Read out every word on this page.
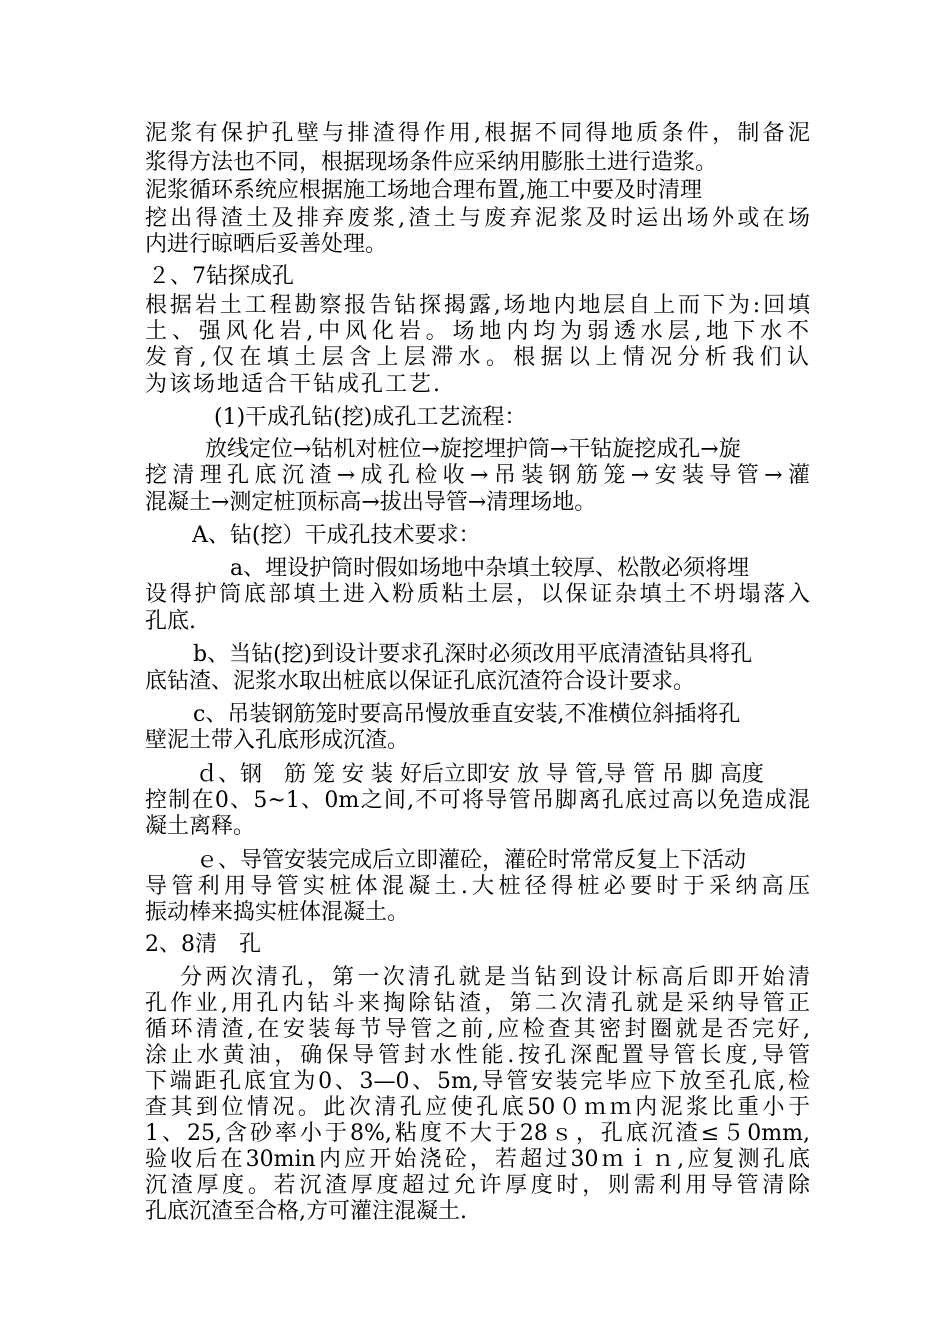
泥浆有保护孔壁与排渣得作用,根据不同得地质条件，制备泥
浆得方法也不同，根据现场条件应采纳用膨胀土进行造浆。
泥浆循环系统应根据施工场地合理布置,施工中要及时清理
挖出得渣土及排弃废浆,渣土与废弃泥浆及时运出场外或在场
内进行晾晒后妥善处理。
２、7钻探成孔
根据岩土工程勘察报告钻探揭露,场地内地层自上而下为:回填
土、强风化岩,中风化岩。场地内均为弱透水层,地下水不
发育,仅在填土层含上层滞水。根据以上情况分析我们认
为该场地适合干钻成孔工艺.
(1)干成孔钻(挖)成孔工艺流程：
放线定位→钻机对桩位→旋挖埋护筒→干钻旋挖成孔→旋
挖清理孔底沉渣→成孔检收→吊装钢筋笼→安装导管→灌
混凝土→测定桩顶标高→拔出导管→清理场地。
A、钻(挖）干成孔技术要求：
a、埋设护筒时假如场地中杂填土较厚、松散必须将埋
设得护筒底部填土进入粉质粘土层，以保证杂填土不坍塌落入
孔底.
b、当钻(挖)到设计要求孔深时必须改用平底清渣钻具将孔
底钻渣、泥浆水取出桩底以保证孔底沉渣符合设计要求。
c、吊装钢筋笼时要高吊慢放垂直安装,不准横位斜插将孔
壁泥土带入孔底形成沉渣。
ｄ、钢　筋 笼 安 装 好后立即安 放 导 管,导 管 吊 脚 高度
控制在0、5~1、0m之间,不可将导管吊脚离孔底过高以免造成混
凝土离释。
ｅ、导管安装完成后立即灌砼，灌砼时常常反复上下活动
导管利用导管实桩体混凝土.大桩径得桩必要时于采纳高压
振动棒来捣实桩体混凝土。
2、8清　孔
分两次清孔，第一次清孔就是当钻到设计标高后即开始清
孔作业,用孔内钻斗来掏除钻渣，第二次清孔就是采纳导管正
循环清渣,在安装每节导管之前,应检查其密封圈就是否完好,
涂止水黄油，确保导管封水性能.按孔深配置导管长度,导管
下端距孔底宜为0、3—0、5m,导管安装完毕应下放至孔底,检
查其到位情况。此次清孔应使孔底50０ｍｍ内泥浆比重小于
1、25,含砂率小于8%,粘度不大于28ｓ，孔底沉渣≤５0mm,
验收后在30min内应开始浇砼，若超过30ｍｉｎ,应复测孔底
沉渣厚度。若沉渣厚度超过允许厚度时，则需利用导管清除
孔底沉渣至合格,方可灌注混凝土.
